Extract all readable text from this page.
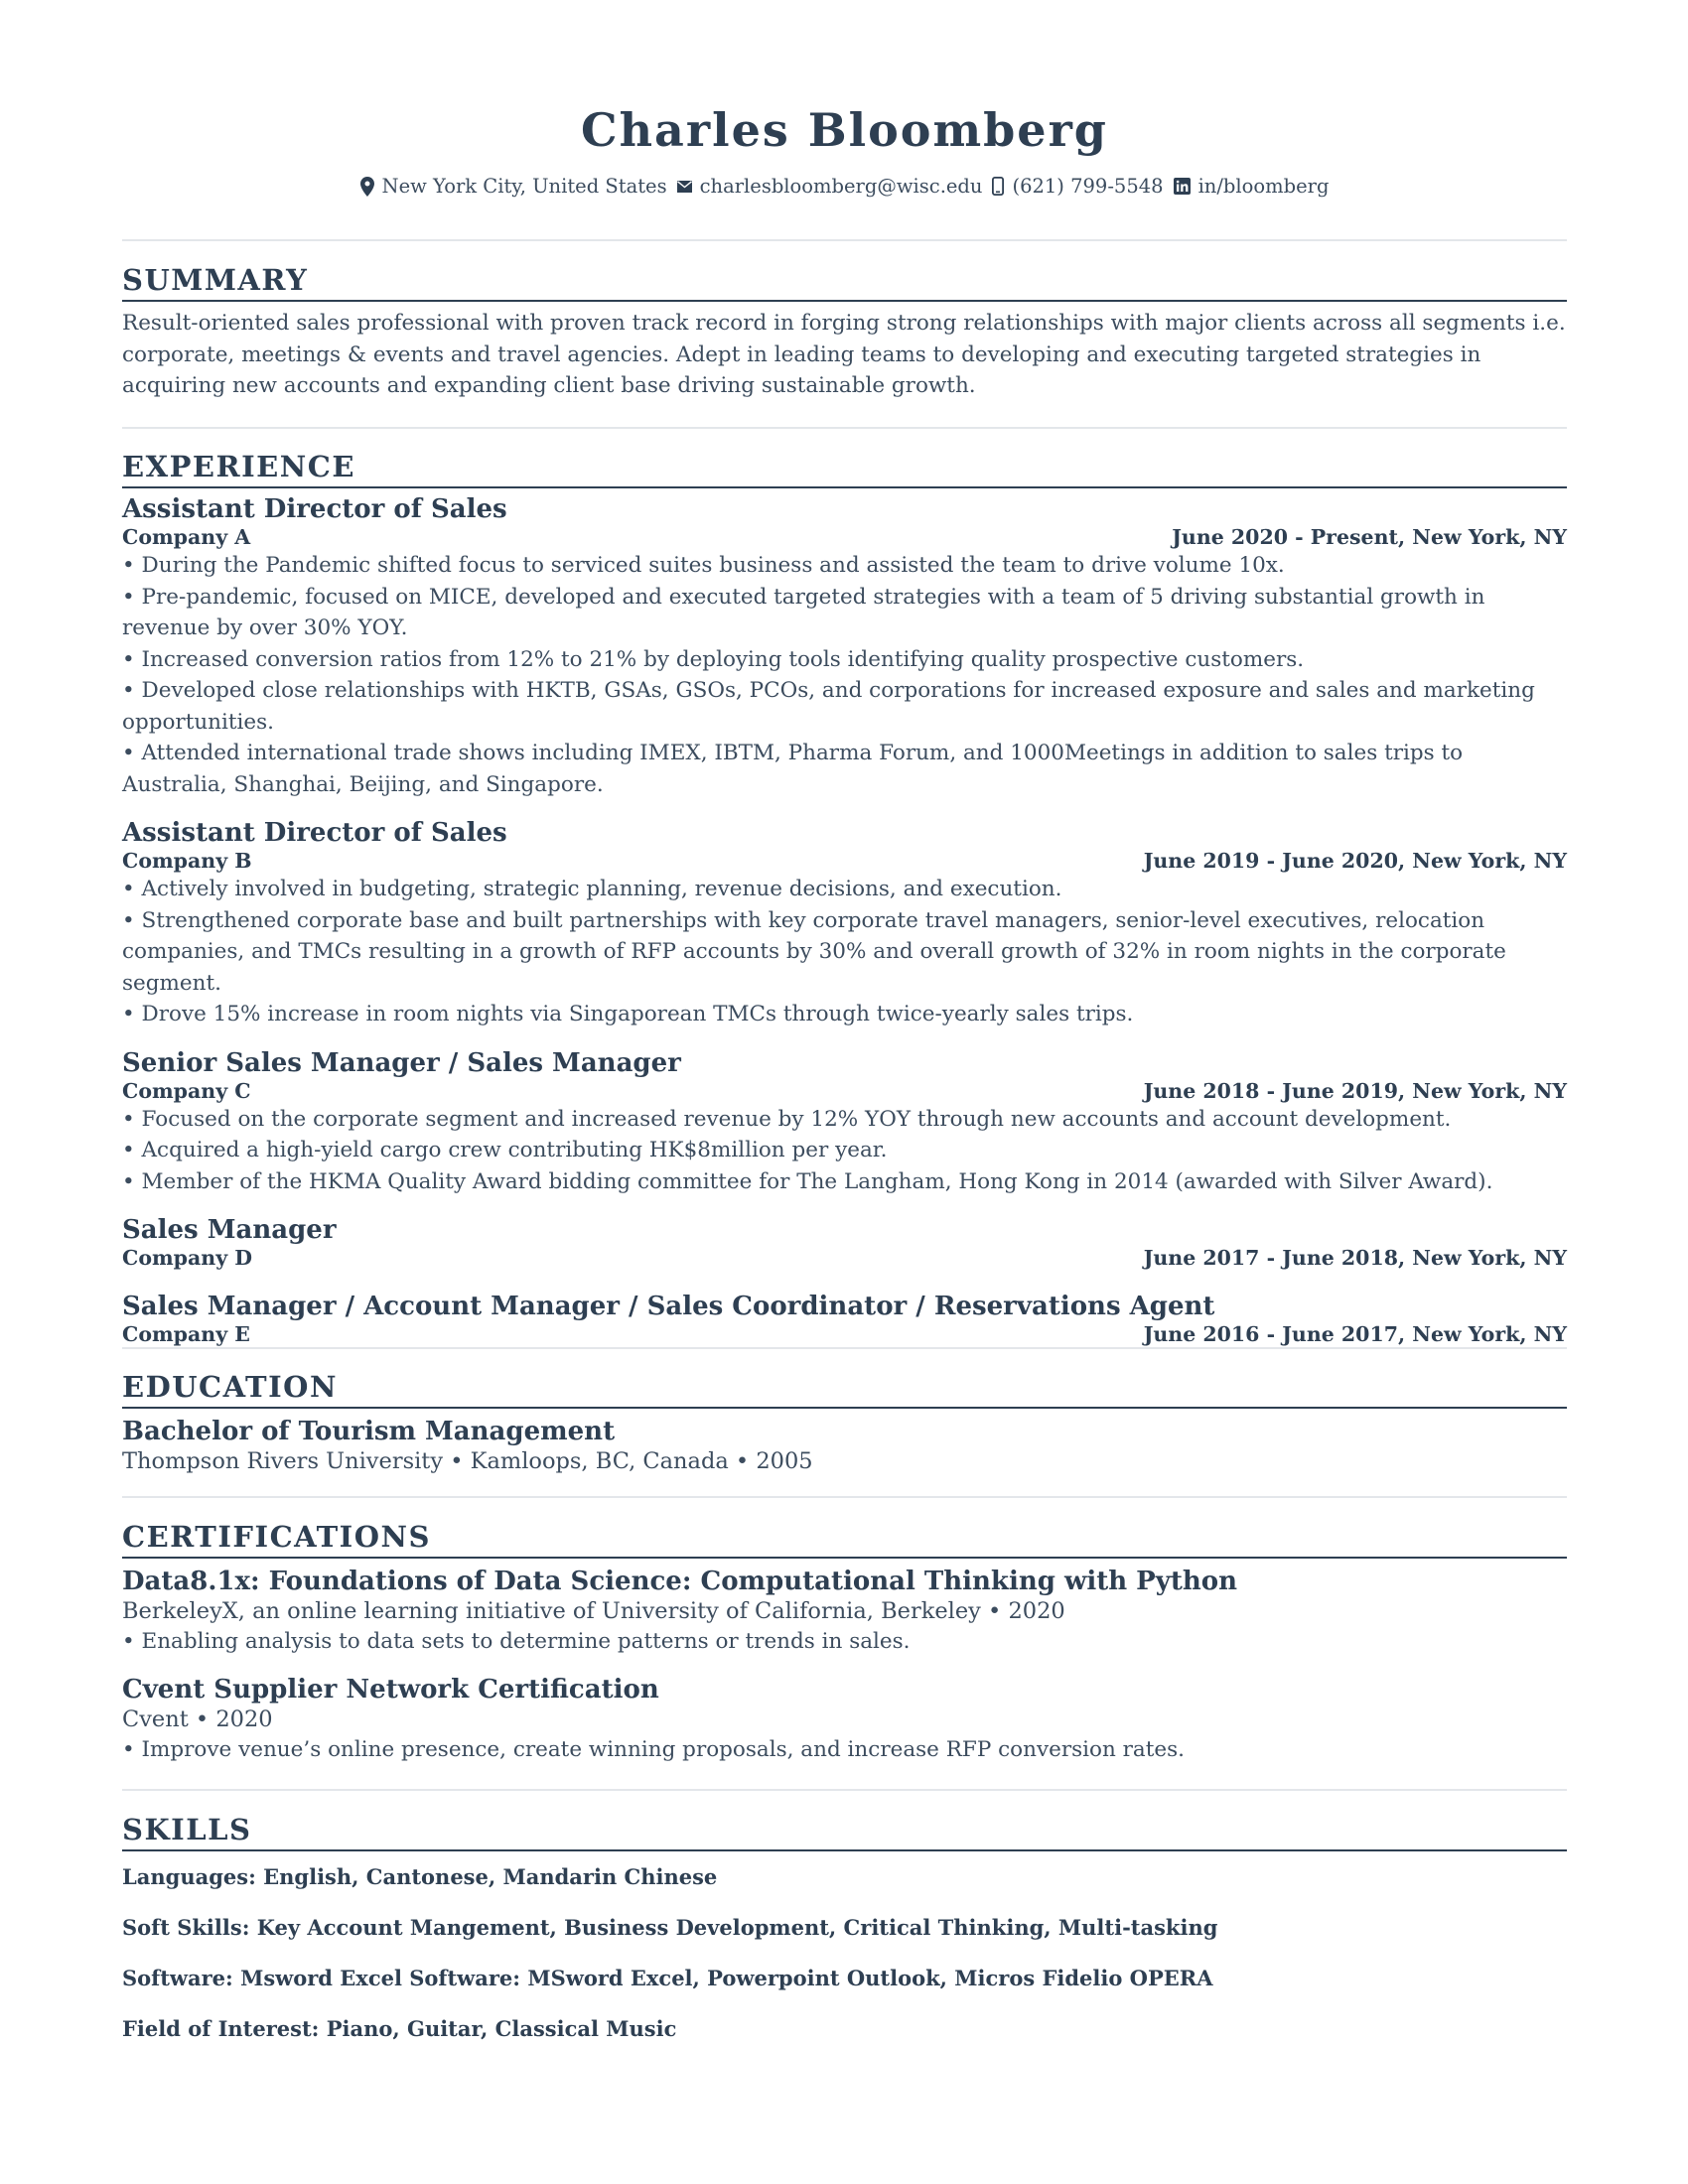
Charles Bloomberg
New York City, United States charlesbloomberg@wisc.edu (621) 799-5548 in/bloomberg
SUMMARY
Result-oriented sales professional with proven track record in forging strong relationships with major clients across all segments i.e. corporate, meetings & events and travel agencies. Adept in leading teams to developing and executing targeted strategies in acquiring new accounts and expanding client base driving sustainable growth.
EXPERIENCE
Assistant Director of Sales
Company A	June 2020 - Present, New York, NY
• During the Pandemic shifted focus to serviced suites business and assisted the team to drive volume 10x.
• Pre-pandemic, focused on MICE, developed and executed targeted strategies with a team of 5 driving substantial growth in revenue by over 30% YOY.
• Increased conversion ratios from 12% to 21% by deploying tools identifying quality prospective customers.
• Developed close relationships with HKTB, GSAs, GSOs, PCOs, and corporations for increased exposure and sales and marketing opportunities.
• Attended international trade shows including IMEX, IBTM, Pharma Forum, and 1000Meetings in addition to sales trips to Australia, Shanghai, Beijing, and Singapore.
Assistant Director of Sales
Company B	June 2019 - June 2020, New York, NY
• Actively involved in budgeting, strategic planning, revenue decisions, and execution.
• Strengthened corporate base and built partnerships with key corporate travel managers, senior-level executives, relocation companies, and TMCs resulting in a growth of RFP accounts by 30% and overall growth of 32% in room nights in the corporate segment.
• Drove 15% increase in room nights via Singaporean TMCs through twice-yearly sales trips.
Senior Sales Manager / Sales Manager
Company C	June 2018 - June 2019, New York, NY
• Focused on the corporate segment and increased revenue by 12% YOY through new accounts and account development.
• Acquired a high-yield cargo crew contributing HK$8million per year.
• Member of the HKMA Quality Award bidding committee for The Langham, Hong Kong in 2014 (awarded with Silver Award).
Sales Manager
Company D	June 2017 - June 2018, New York, NY
Sales Manager / Account Manager / Sales Coordinator / Reservations Agent
Company E	June 2016 - June 2017, New York, NY
EDUCATION
Bachelor of Tourism Management
Thompson Rivers University • Kamloops, BC, Canada • 2005
CERTIFICATIONS
Data8.1x: Foundations of Data Science: Computational Thinking with Python
BerkeleyX, an online learning initiative of University of California, Berkeley • 2020
• Enabling analysis to data sets to determine patterns or trends in sales.
Cvent Supplier Network Certification
Cvent • 2020
• Improve venue’s online presence, create winning proposals, and increase RFP conversion rates.
SKILLS
Languages: English, Cantonese, Mandarin Chinese
Soft Skills: Key Account Mangement, Business Development, Critical Thinking, Multi-tasking
Software: Msword Excel Software: MSword Excel, Powerpoint Outlook, Micros Fidelio OPERA
Field of Interest: Piano, Guitar, Classical Music
